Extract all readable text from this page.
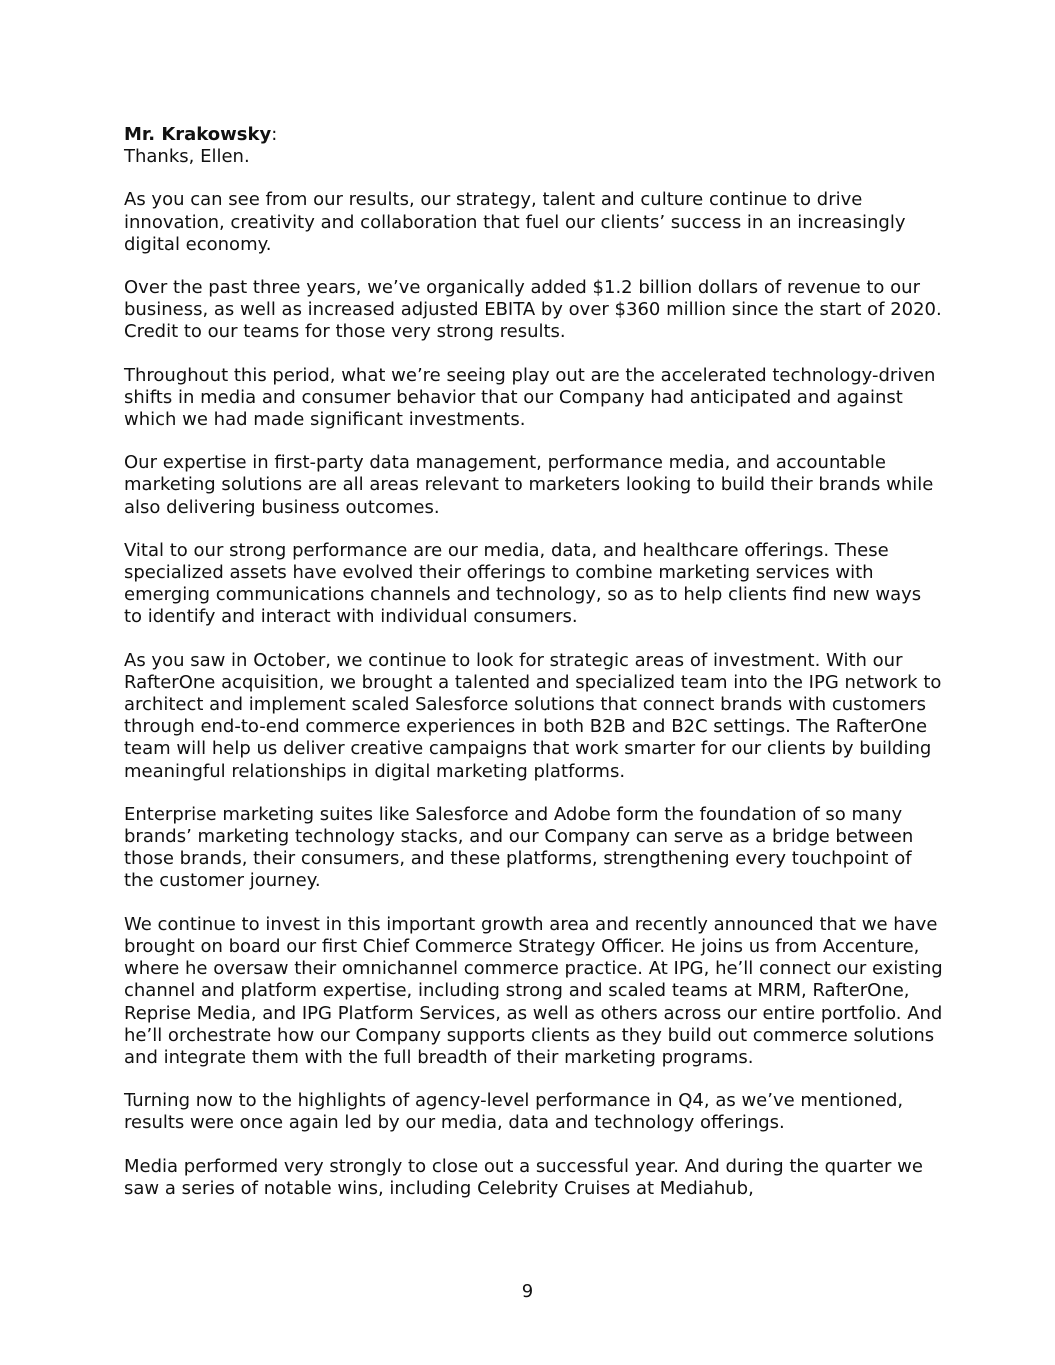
Mr. Krakowsky:

Thanks, Ellen.

As you can see from our results, our strategy, talent and culture continue to drive innovation, creativity and collaboration that fuel our clients’ success in an increasingly digital economy.

Over the past three years, we’ve organically added $1.2 billion dollars of revenue to our business, as well as increased adjusted EBITA by over $360 million since the start of 2020. Credit to our teams for those very strong results.

Throughout this period, what we’re seeing play out are the accelerated technology-driven shifts in media and consumer behavior that our Company had anticipated and against which we had made significant investments.

Our expertise in first-party data management, performance media, and accountable marketing solutions are all areas relevant to marketers looking to build their brands while also delivering business outcomes.

Vital to our strong performance are our media, data, and healthcare offerings. These specialized assets have evolved their offerings to combine marketing services with emerging communications channels and technology, so as to help clients find new ways to identify and interact with individual consumers.

As you saw in October, we continue to look for strategic areas of investment. With our RafterOne acquisition, we brought a talented and specialized team into the IPG network to architect and implement scaled Salesforce solutions that connect brands with customers through end-to-end commerce experiences in both B2B and B2C settings. The RafterOne team will help us deliver creative campaigns that work smarter for our clients by building meaningful relationships in digital marketing platforms.

Enterprise marketing suites like Salesforce and Adobe form the foundation of so many brands’ marketing technology stacks, and our Company can serve as a bridge between those brands, their consumers, and these platforms, strengthening every touchpoint of the customer journey.

We continue to invest in this important growth area and recently announced that we have brought on board our first Chief Commerce Strategy Officer. He joins us from Accenture, where he oversaw their omnichannel commerce practice. At IPG, he’ll connect our existing channel and platform expertise, including strong and scaled teams at MRM, RafterOne, Reprise Media, and IPG Platform Services, as well as others across our entire portfolio. And he’ll orchestrate how our Company supports clients as they build out commerce solutions and integrate them with the full breadth of their marketing programs.

Turning now to the highlights of agency-level performance in Q4, as we’ve mentioned, results were once again led by our media, data and technology offerings.

Media performed very strongly to close out a successful year. And during the quarter we saw a series of notable wins, including Celebrity Cruises at Mediahub,

9
